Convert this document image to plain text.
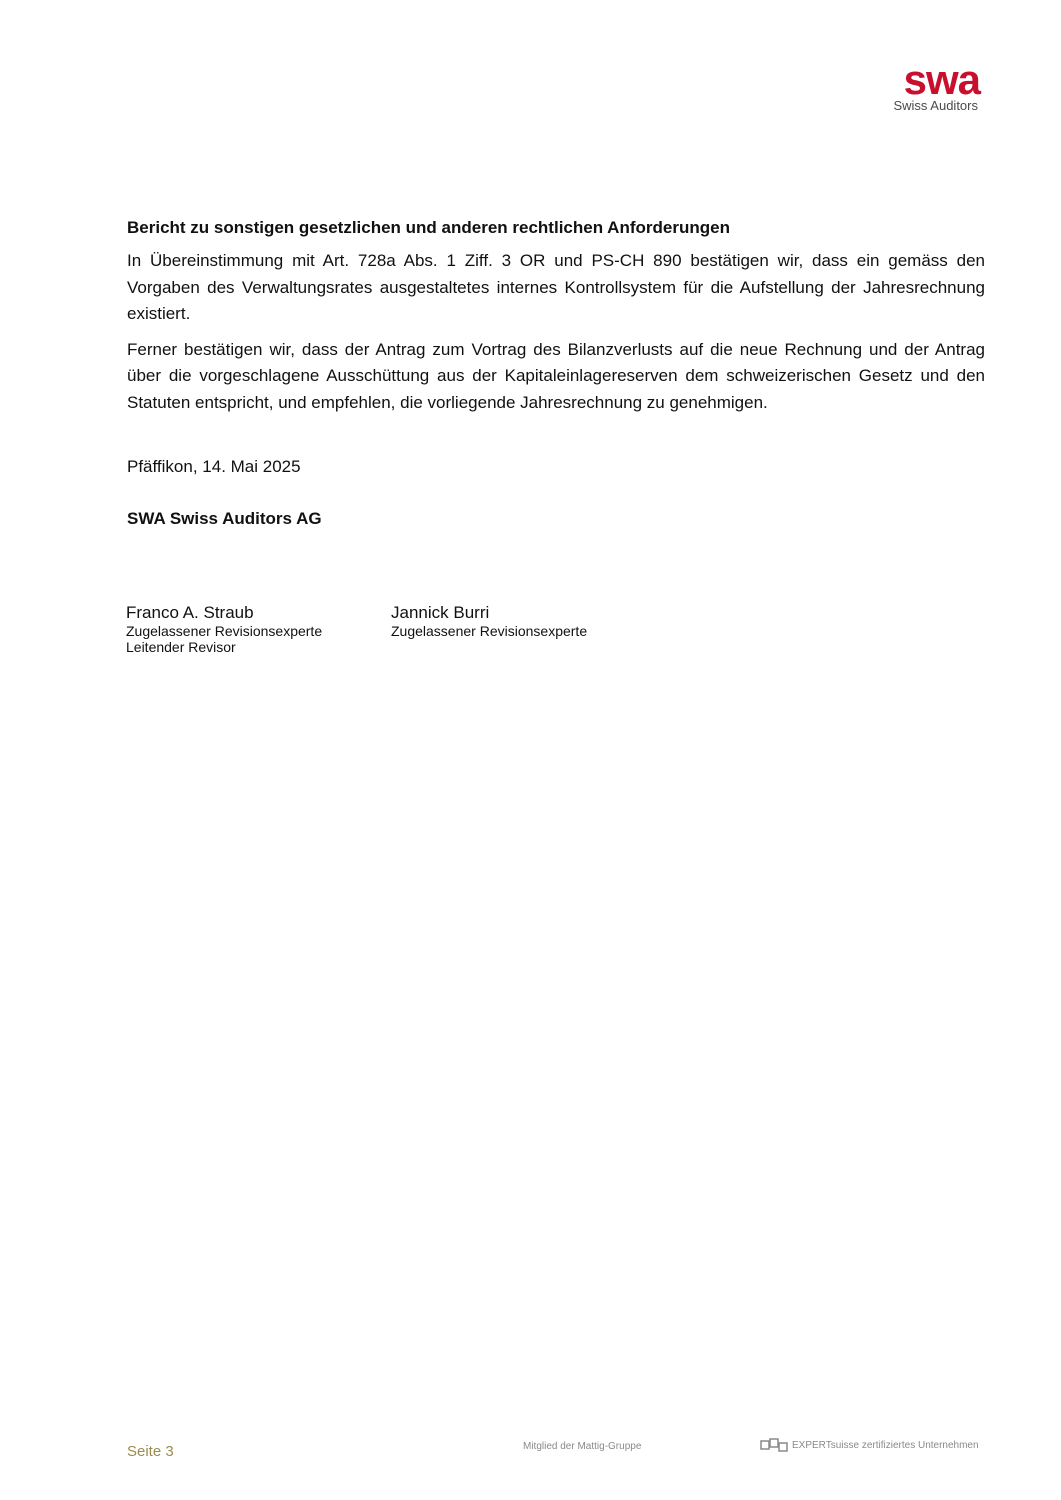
swa
Swiss Auditors
Bericht zu sonstigen gesetzlichen und anderen rechtlichen Anforderungen

In Übereinstimmung mit Art. 728a Abs. 1 Ziff. 3 OR und PS-CH 890 bestätigen wir, dass ein gemäss den Vorgaben des Verwaltungsrates ausgestaltetes internes Kontrollsystem für die Aufstellung der Jahresrechnung existiert.

Ferner bestätigen wir, dass der Antrag zum Vortrag des Bilanzverlusts auf die neue Rechnung und der Antrag über die vorgeschlagene Ausschüttung aus der Kapitaleinlagereserven dem schweizerischen Gesetz und den Statuten entspricht, und empfehlen, die vorliegende Jahresrechnung zu genehmigen.

Pfäffikon, 14. Mai 2025
SWA Swiss Auditors AG
Franco A. Straub
Zugelassener Revisionsexperte
Leitender Revisor
Jannick Burri
Zugelassener Revisionsexperte
Seite 3	Mitglied der Mattig-Gruppe	EXPERTsuisse zertifiziertes Unternehmen
